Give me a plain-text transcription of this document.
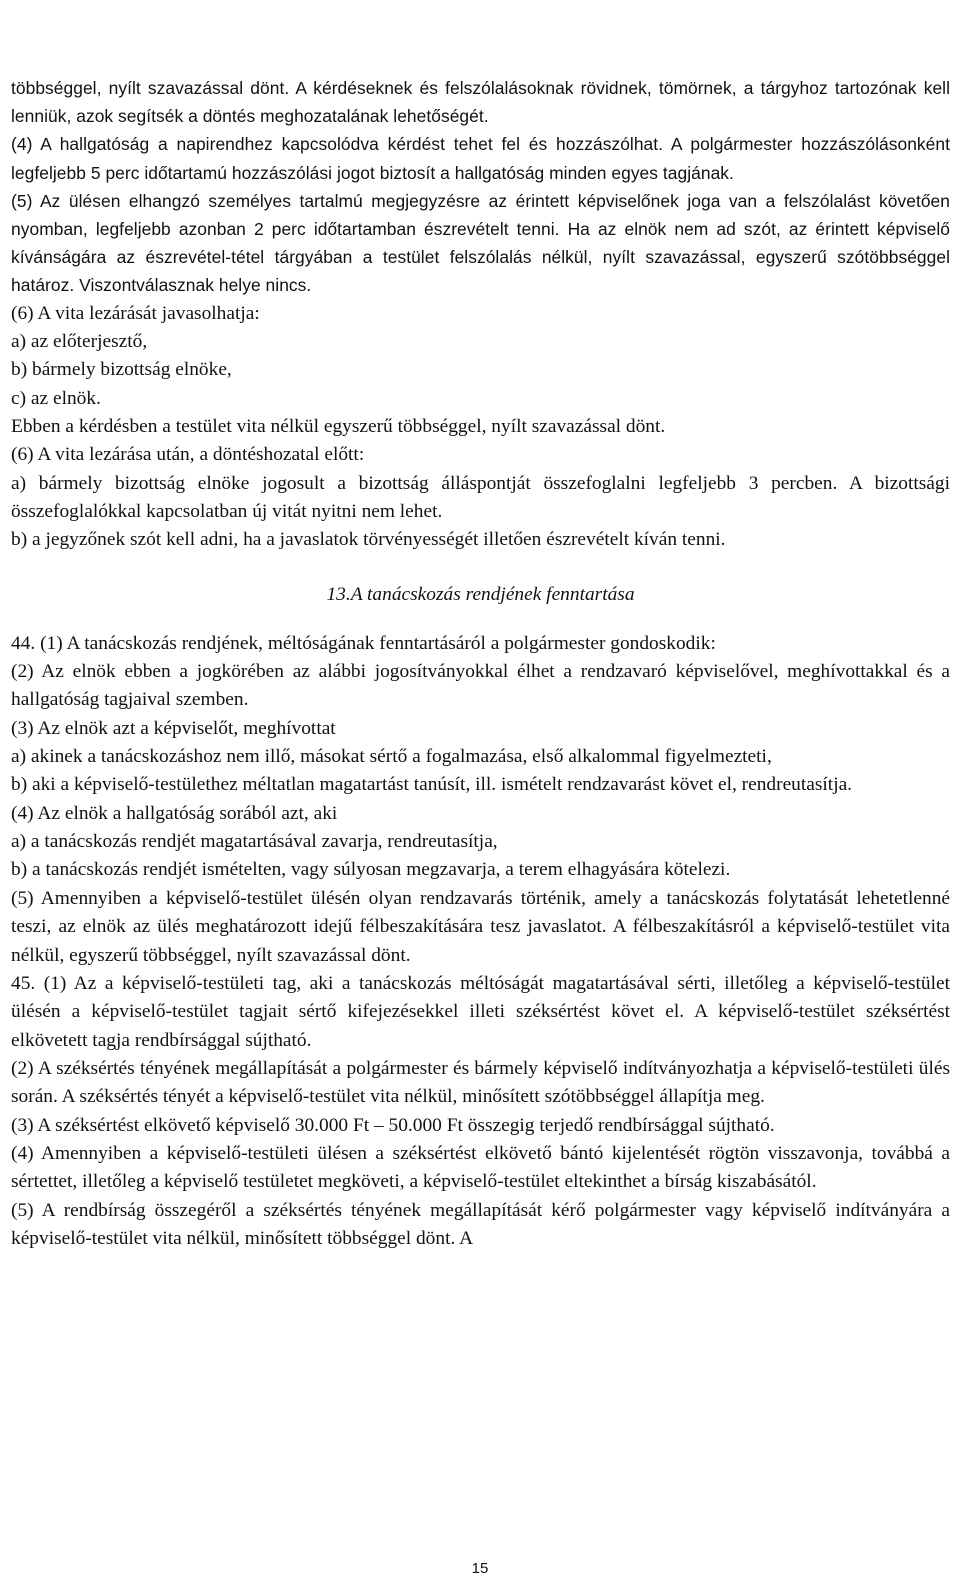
többséggel, nyílt szavazással dönt. A kérdéseknek és felszólalásoknak rövidnek, tömörnek, a tárgyhoz tartozónak kell lenniük, azok segítsék a döntés meghozatalának lehetőségét.

(4) A hallgatóság a napirendhez kapcsolódva kérdést tehet fel és hozzászólhat. A polgármester hozzászólásonként legfeljebb 5 perc időtartamú hozzászólási jogot biztosít a hallgatóság minden egyes tagjának.

(5) Az ülésen elhangzó személyes tartalmú megjegyzésre az érintett képviselőnek joga van a felszólalást követően nyomban, legfeljebb azonban 2 perc időtartamban észrevételt tenni. Ha az elnök nem ad szót, az érintett képviselő kívánságára az észrevétel-tétel tárgyában a testület felszólalás nélkül, nyílt szavazással, egyszerű szótöbbséggel határoz. Viszontválasznak helye nincs.

(6) A vita lezárását javasolhatja:

a) az előterjesztő,

b) bármely bizottság elnöke,

c) az elnök.

Ebben a kérdésben a testület vita nélkül egyszerű többséggel, nyílt szavazással dönt.

(6) A vita lezárása után, a döntéshozatal előtt:

a) bármely bizottság elnöke jogosult a bizottság álláspontját összefoglalni legfeljebb 3 percben. A bizottsági összefoglalókkal kapcsolatban új vitát nyitni nem lehet.

b) a jegyzőnek szót kell adni, ha a javaslatok törvényességét illetően észrevételt kíván tenni.

13.A tanácskozás rendjének fenntartása

44. (1) A tanácskozás rendjének, méltóságának fenntartásáról a polgármester gondoskodik:

(2) Az elnök ebben a jogkörében az alábbi jogosítványokkal élhet a rendzavaró képviselővel, meghívottakkal és a hallgatóság tagjaival szemben.

(3) Az elnök azt a képviselőt, meghívottat

a) akinek a tanácskozáshoz nem illő, másokat sértő a fogalmazása, első alkalommal figyelmezteti,

b) aki a képviselő-testülethez méltatlan magatartást tanúsít, ill. ismételt rendzavarást követ el, rendreutasítja.

(4) Az elnök a hallgatóság sorából azt, aki

a) a tanácskozás rendjét magatartásával zavarja, rendreutasítja,

b) a tanácskozás rendjét ismételten, vagy súlyosan megzavarja, a terem elhagyására kötelezi.

(5) Amennyiben a képviselő-testület ülésén olyan rendzavarás történik, amely a tanácskozás folytatását lehetetlenné teszi, az elnök az ülés meghatározott idejű félbeszakítására tesz javaslatot. A félbeszakításról a képviselő-testület vita nélkül, egyszerű többséggel, nyílt szavazással dönt.

45. (1) Az a képviselő-testületi tag, aki a tanácskozás méltóságát magatartásával sérti, illetőleg a képviselő-testület ülésén a képviselő-testület tagjait sértő kifejezésekkel illeti széksértést követ el. A képviselő-testület széksértést elkövetett tagja rendbírsággal sújtható.

(2) A széksértés tényének megállapítását a polgármester és bármely képviselő indítványozhatja a képviselő-testületi ülés során. A széksértés tényét a képviselő-testület vita nélkül, minősített szótöbbséggel állapítja meg.

(3) A széksértést elkövető képviselő 30.000 Ft – 50.000 Ft összegig terjedő rendbírsággal sújtható.

(4) Amennyiben a képviselő-testületi ülésen a széksértést elkövető bántó kijelentését rögtön visszavonja, továbbá a sértettet, illetőleg a képviselő testületet megköveti, a képviselő-testület eltekinthet a bírság kiszabásától.

(5) A rendbírság összegéről a széksértés tényének megállapítását kérő polgármester vagy képviselő indítványára a képviselő-testület vita nélkül, minősített többséggel dönt. A

15
